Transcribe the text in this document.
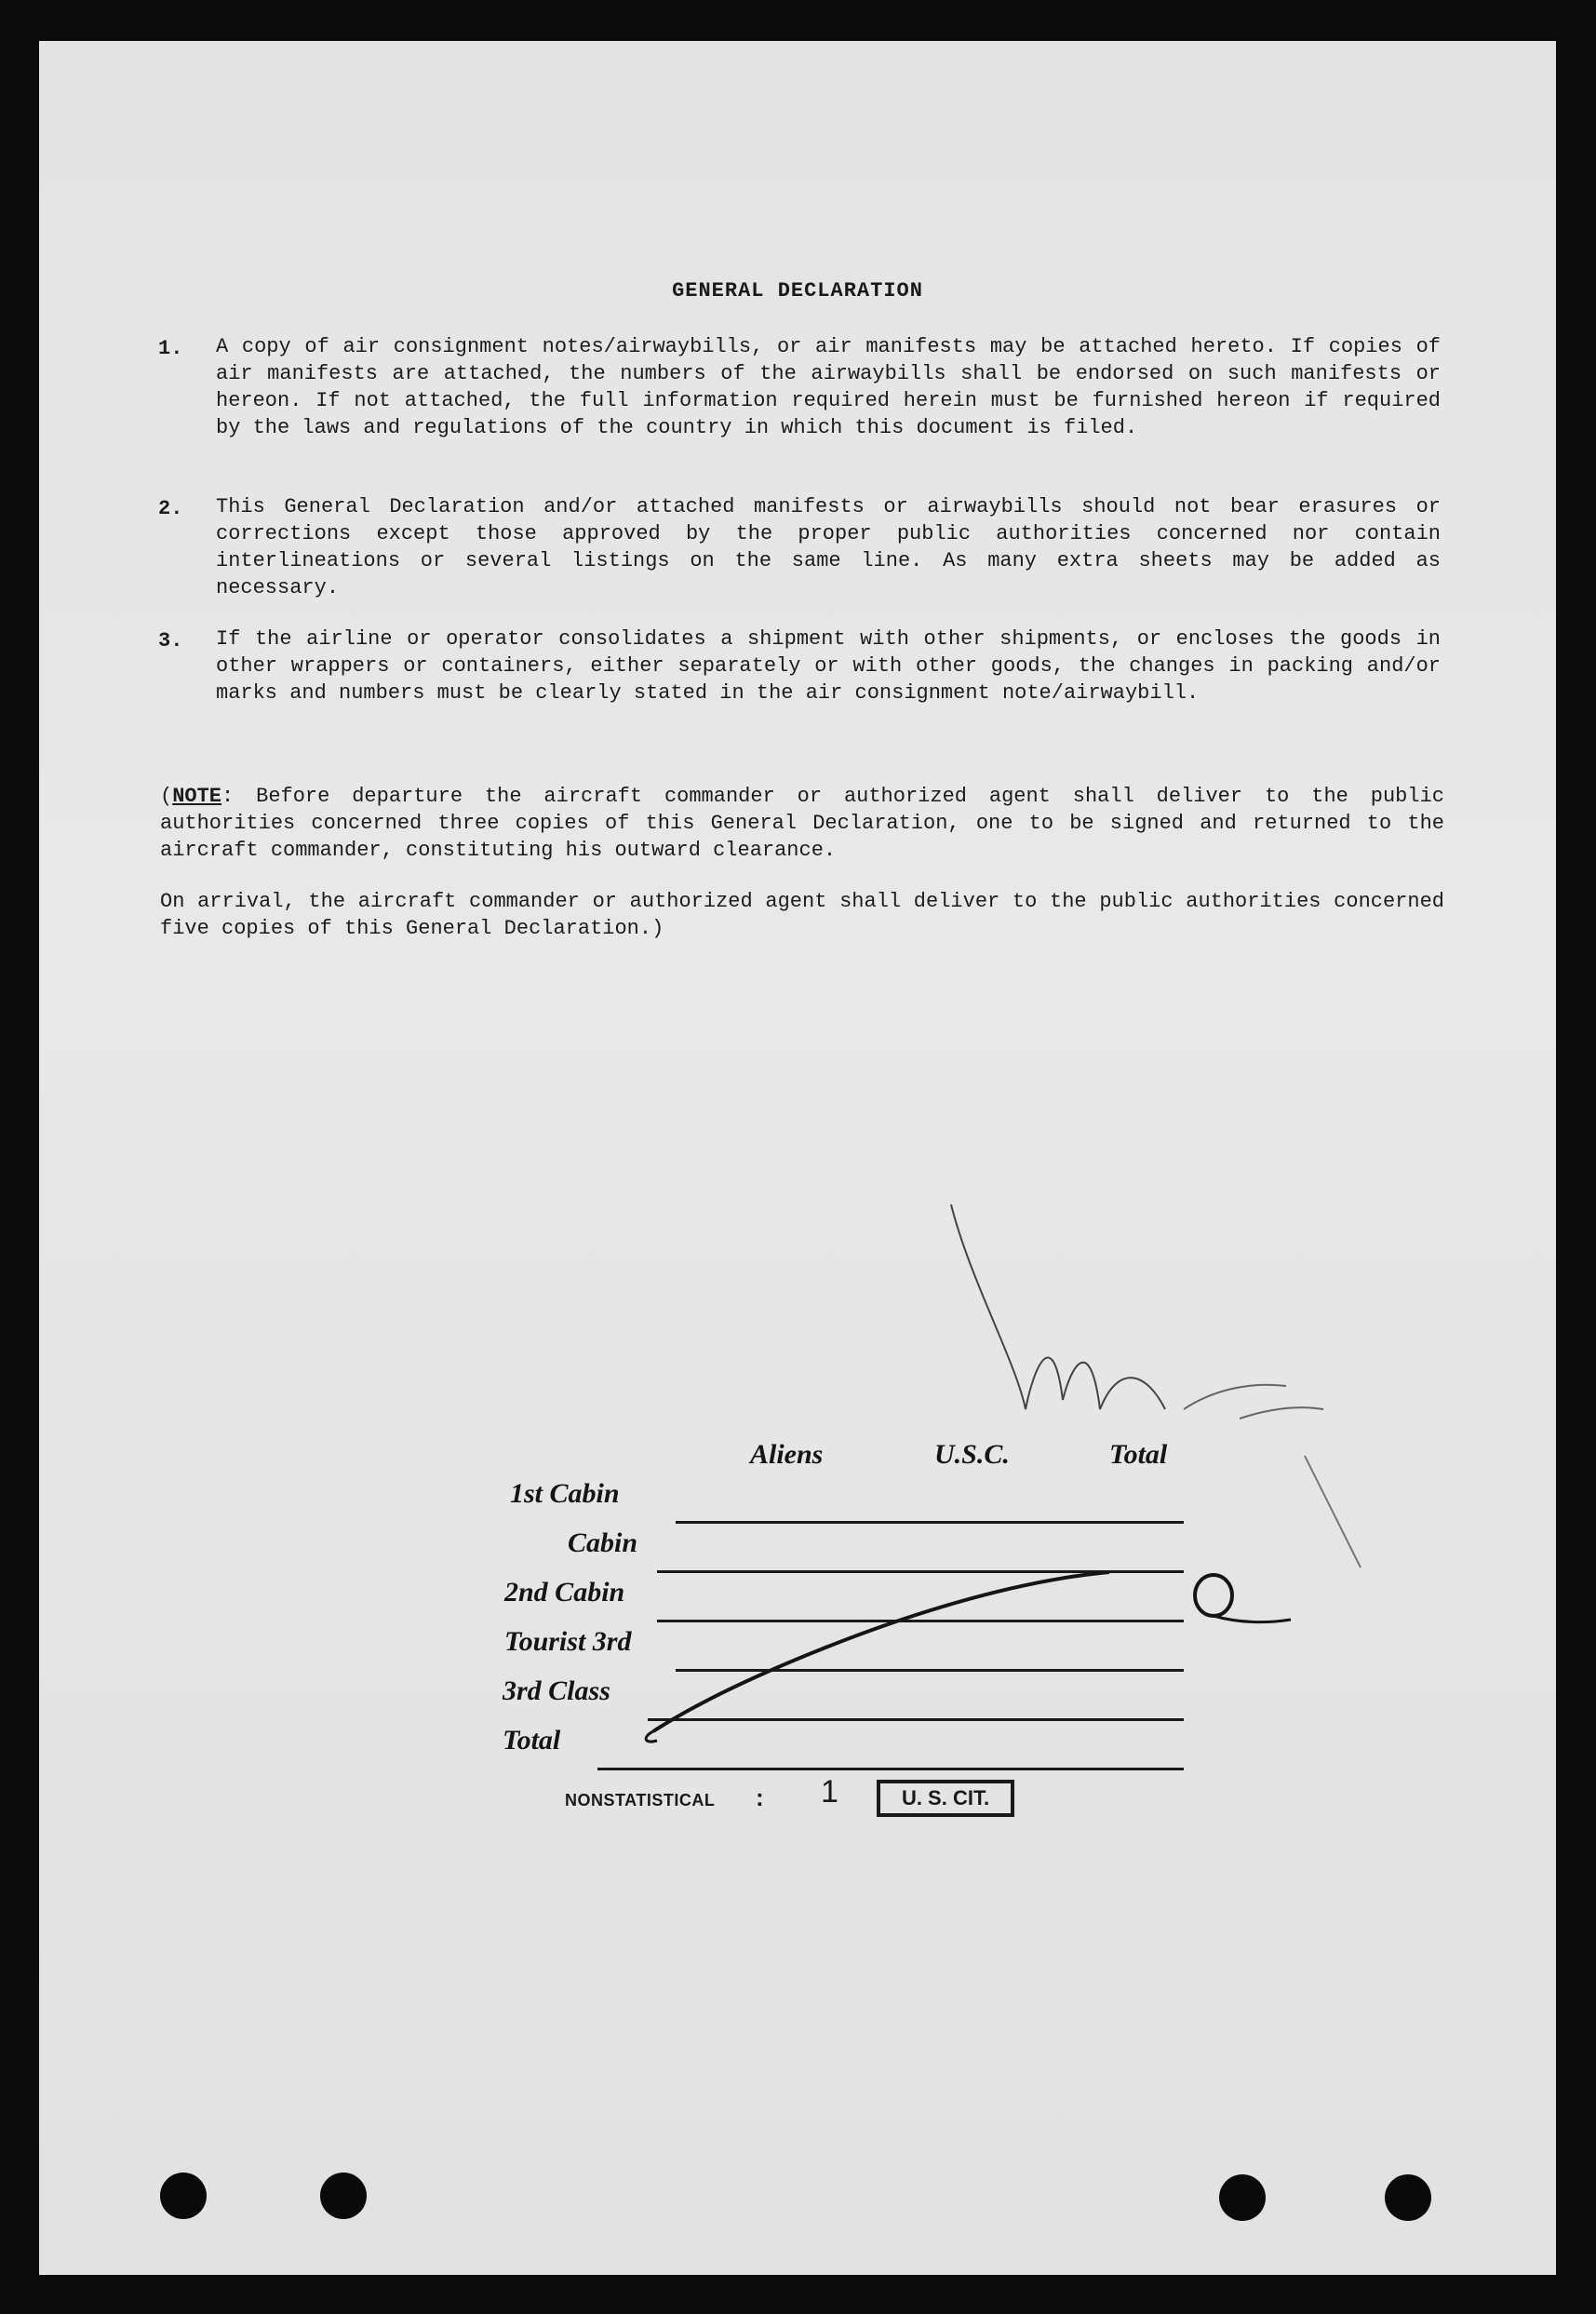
GENERAL DECLARATION
1. A copy of air consignment notes/airwaybills, or air manifests may be attached hereto. If copies of air manifests are attached, the numbers of the airwaybills shall be endorsed on such manifests or hereon. If not attached, the full information required herein must be furnished hereon if required by the laws and regulations of the country in which this document is filed.

2. This General Declaration and/or attached manifests or airwaybills should not bear erasures or corrections except those approved by the proper public authorities concerned nor contain interlineations or several listings on the same line. As many extra sheets may be added as necessary.

3. If the airline or operator consolidates a shipment with other shipments, or encloses the goods in other wrappers or containers, either separately or with other goods, the changes in packing and/or marks and numbers must be clearly stated in the air consignment note/airwaybill.

(NOTE: Before departure the aircraft commander or authorized agent shall deliver to the public authorities concerned three copies of this General Declaration, one to be signed and returned to the aircraft commander, constituting his outward clearance.

On arrival, the aircraft commander or authorized agent shall deliver to the public authorities concerned five copies of this General Declaration.)

Aliens	U.S.C.	Total
1st Cabin
Cabin
2nd Cabin
Tourist 3rd
3rd Class
Total
NONSTATISTICAL : 1	U. S. CIT.
